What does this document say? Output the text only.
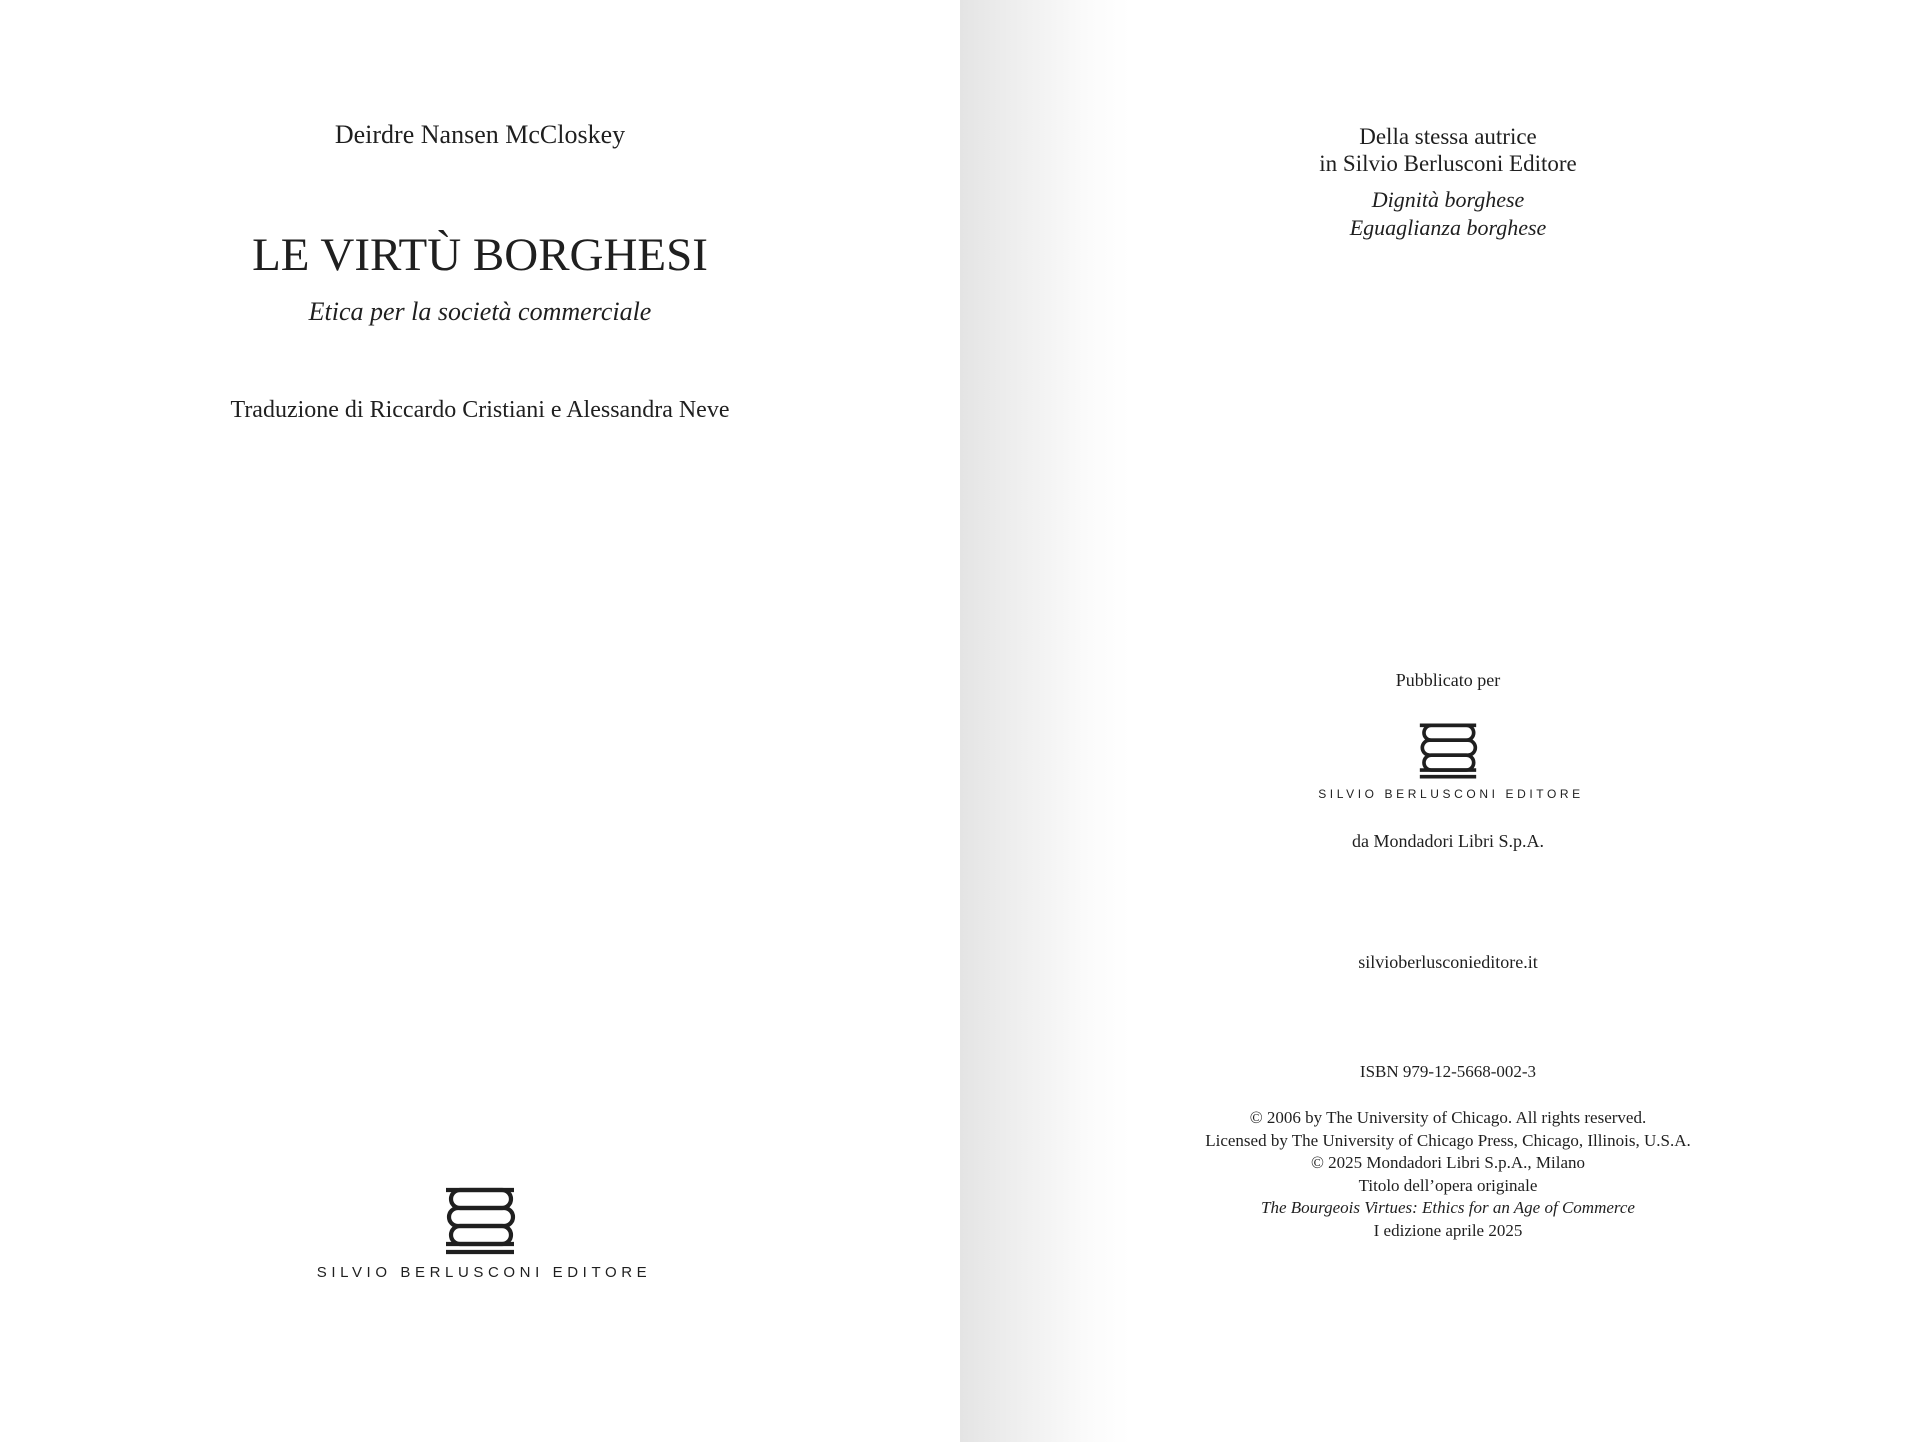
Deirdre Nansen McCloskey
LE VIRTÙ BORGHESI
Etica per la società commerciale
Traduzione di Riccardo Cristiani e Alessandra Neve
SILVIO BERLUSCONI EDITORE
Della stessa autrice
in Silvio Berlusconi Editore
Dignità borghese
Eguaglianza borghese
Pubblicato per
SILVIO BERLUSCONI EDITORE
da Mondadori Libri S.p.A.
silvioberlusconieditore.it
ISBN 979-12-5668-002-3
© 2006 by The University of Chicago. All rights reserved.
Licensed by The University of Chicago Press, Chicago, Illinois, U.S.A.
© 2025 Mondadori Libri S.p.A., Milano
Titolo dell’opera originale
The Bourgeois Virtues: Ethics for an Age of Commerce
I edizione aprile 2025
